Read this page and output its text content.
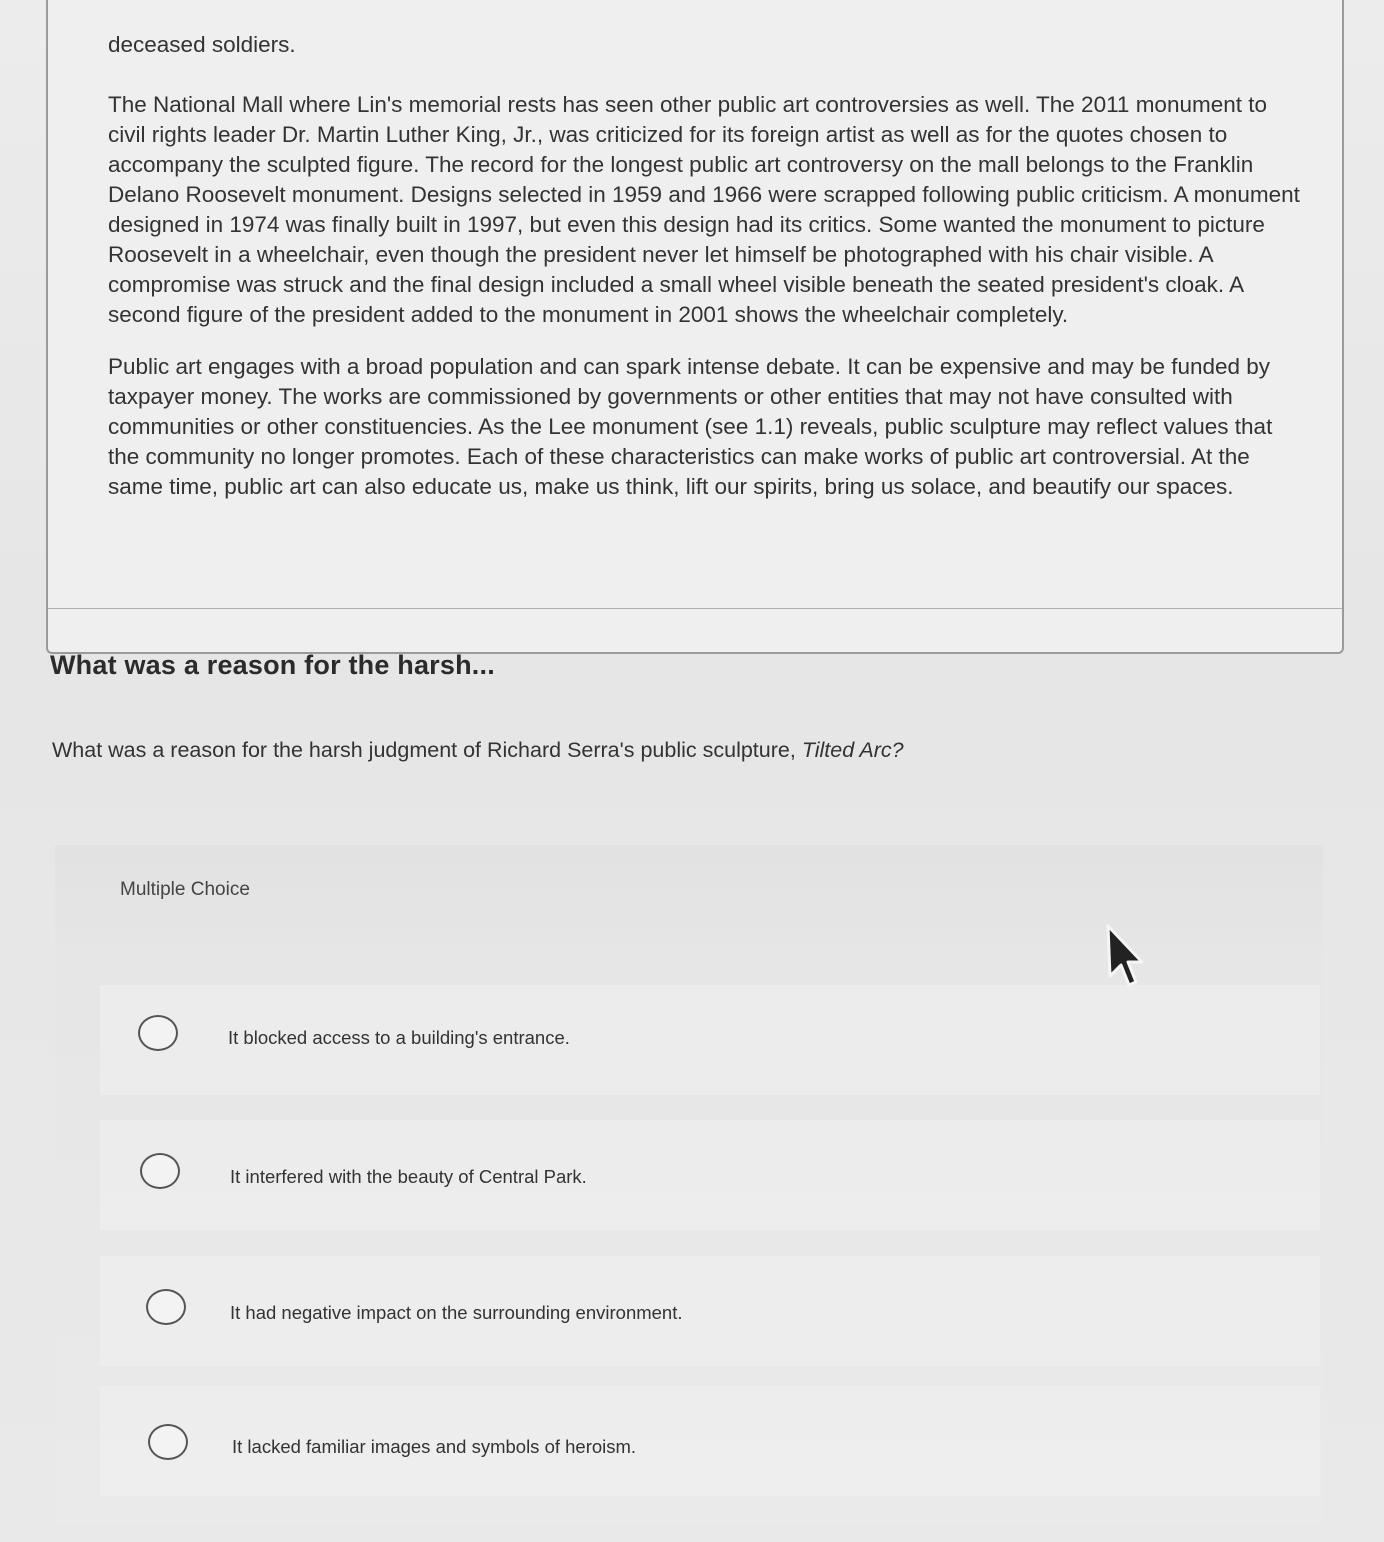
deceased soldiers.

The National Mall where Lin's memorial rests has seen other public art controversies as well. The 2011 monument to civil rights leader Dr. Martin Luther King, Jr., was criticized for its foreign artist as well as for the quotes chosen to accompany the sculpted figure. The record for the longest public art controversy on the mall belongs to the Franklin Delano Roosevelt monument. Designs selected in 1959 and 1966 were scrapped following public criticism. A monument designed in 1974 was finally built in 1997, but even this design had its critics. Some wanted the monument to picture Roosevelt in a wheelchair, even though the president never let himself be photographed with his chair visible. A compromise was struck and the final design included a small wheel visible beneath the seated president's cloak. A second figure of the president added to the monument in 2001 shows the wheelchair completely.

Public art engages with a broad population and can spark intense debate. It can be expensive and may be funded by taxpayer money. The works are commissioned by governments or other entities that may not have consulted with communities or other constituencies. As the Lee monument (see 1.1) reveals, public sculpture may reflect values that the community no longer promotes. Each of these characteristics can make works of public art controversial. At the same time, public art can also educate us, make us think, lift our spirits, bring us solace, and beautify our spaces.

What was a reason for the harsh...
What was a reason for the harsh judgment of Richard Serra's public sculpture, Tilted Arc?
Multiple Choice
It blocked access to a building's entrance.
It interfered with the beauty of Central Park.
It had negative impact on the surrounding environment.
It lacked familiar images and symbols of heroism.
